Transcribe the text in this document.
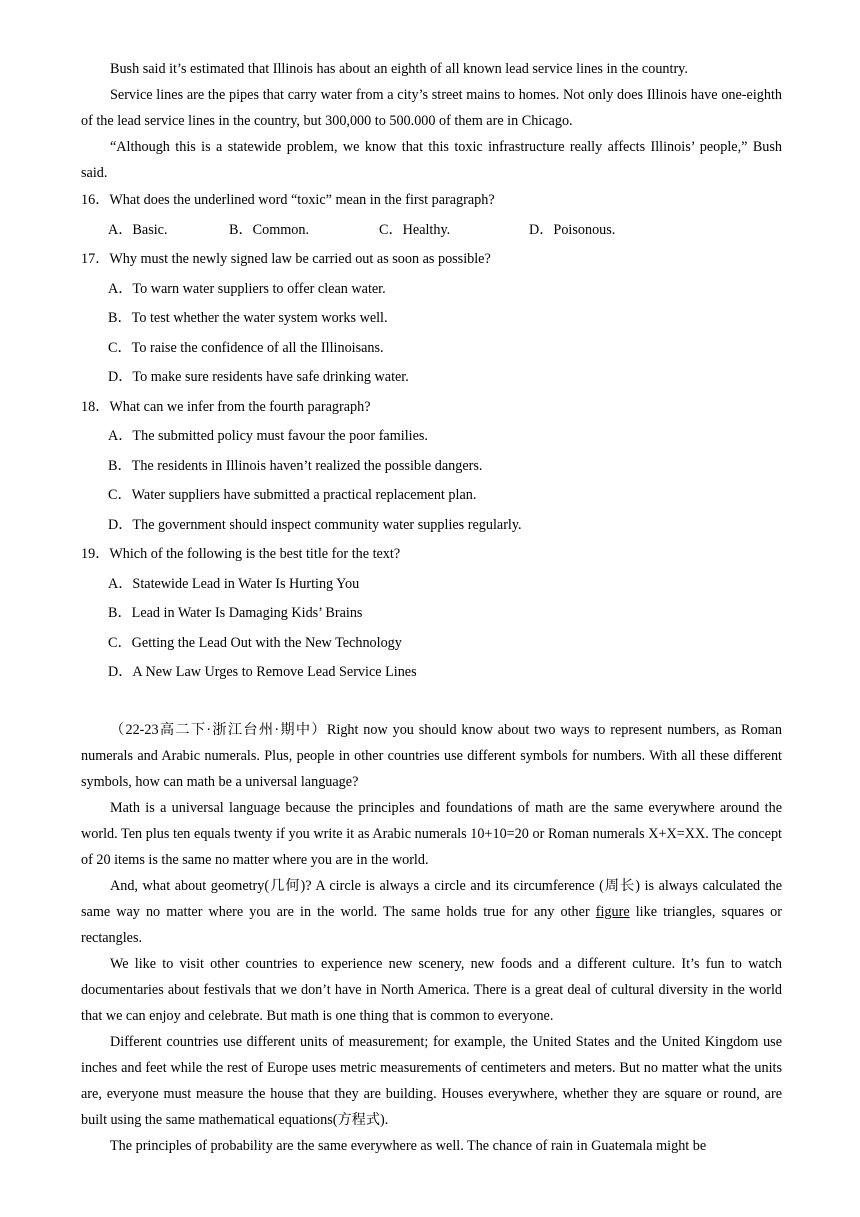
Bush said it’s estimated that Illinois has about an eighth of all known lead service lines in the country.

Service lines are the pipes that carry water from a city’s street mains to homes. Not only does Illinois have one-eighth of the lead service lines in the country, but 300,000 to 500.000 of them are in Chicago.

“Although this is a statewide problem, we know that this toxic infrastructure really affects Illinois’ people,” Bush said.

16．What does the underlined word “toxic” mean in the first paragraph?

A．Basic.	B．Common.	C．Healthy.	D．Poisonous.

17．Why must the newly signed law be carried out as soon as possible?

A．To warn water suppliers to offer clean water.

B．To test whether the water system works well.

C．To raise the confidence of all the Illinoisans.

D．To make sure residents have safe drinking water.

18．What can we infer from the fourth paragraph?

A．The submitted policy must favour the poor families.

B．The residents in Illinois haven’t realized the possible dangers.

C．Water suppliers have submitted a practical replacement plan.

D．The government should inspect community water supplies regularly.

19．Which of the following is the best title for the text?

A．Statewide Lead in Water Is Hurting You

B．Lead in Water Is Damaging Kids’ Brains

C．Getting the Lead Out with the New Technology

D．A New Law Urges to Remove Lead Service Lines

（22-23高二下·浙江台州·期中）Right now you should know about two ways to represent numbers, as Roman numerals and Arabic numerals. Plus, people in other countries use different symbols for numbers. With all these different symbols, how can math be a universal language?

Math is a universal language because the principles and foundations of math are the same everywhere around the world. Ten plus ten equals twenty if you write it as Arabic numerals 10+10=20 or Roman numerals X+X=XX. The concept of 20 items is the same no matter where you are in the world.

And, what about geometry(几何)? A circle is always a circle and its circumference (周长) is always calculated the same way no matter where you are in the world. The same holds true for any other figure like triangles, squares or rectangles.

We like to visit other countries to experience new scenery, new foods and a different culture. It’s fun to watch documentaries about festivals that we don’t have in North America. There is a great deal of cultural diversity in the world that we can enjoy and celebrate. But math is one thing that is common to everyone.

Different countries use different units of measurement; for example, the United States and the United Kingdom use inches and feet while the rest of Europe uses metric measurements of centimeters and meters. But no matter what the units are, everyone must measure the house that they are building. Houses everywhere, whether they are square or round, are built using the same mathematical equations(方程式).

The principles of probability are the same everywhere as well. The chance of rain in Guatemala might be
